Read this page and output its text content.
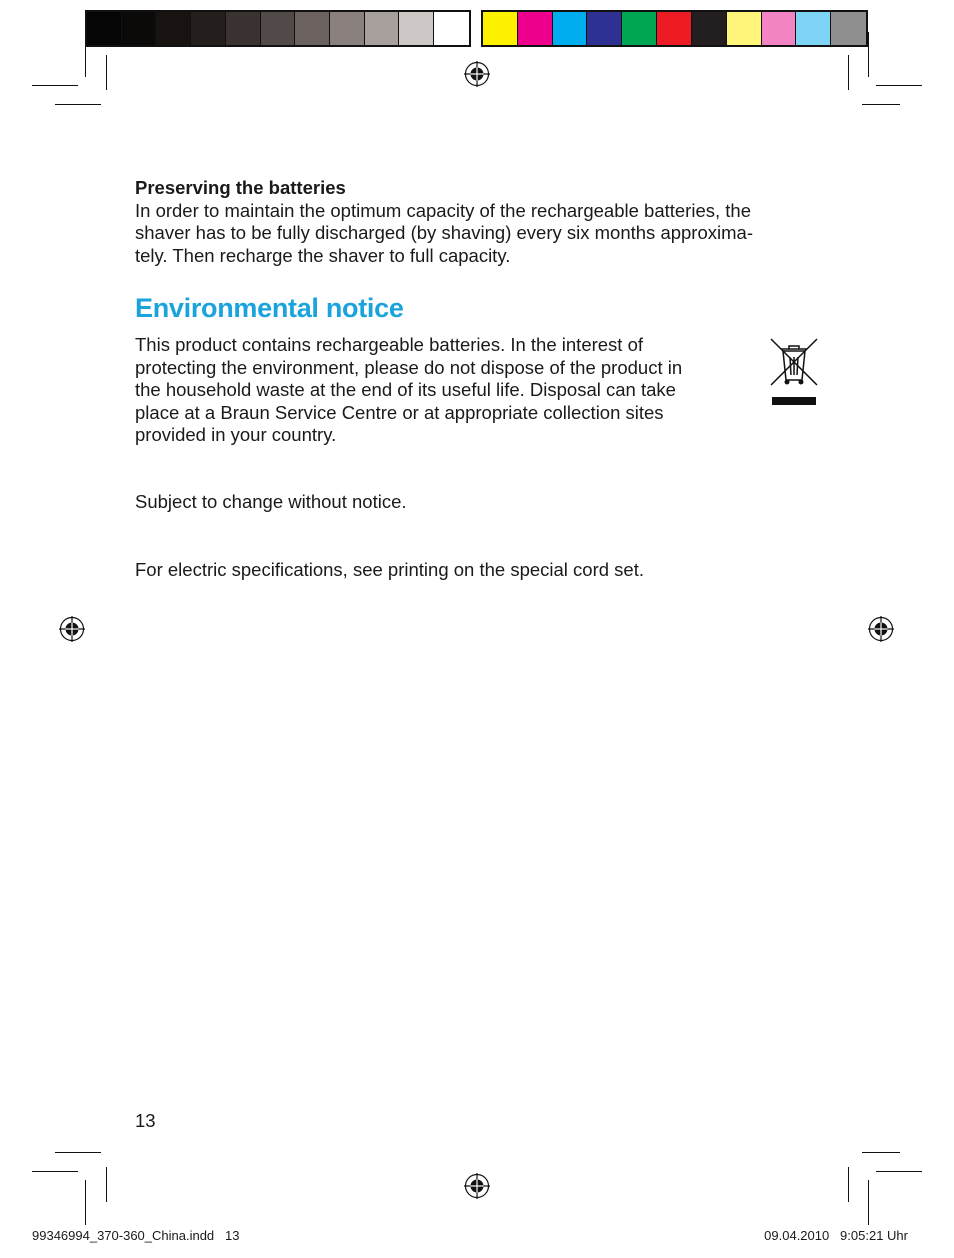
Preserving the batteries
In order to maintain the optimum capacity of the rechargeable batteries, the
shaver has to be fully discharged (by shaving) every six months approxima-
tely. Then recharge the shaver to full capacity.
Environmental notice
This product contains rechargeable batteries. In the interest of
protecting the environment, please do not dispose of the product in
the household waste at the end of its useful life. Disposal can take
place at a Braun Service Centre or at appropriate collection sites
provided in your country.
Subject to change without notice.
For electric specifications, see printing on the special cord set.
13
99346994_370-360_China.indd   13	09.04.2010   9:05:21 Uhr
